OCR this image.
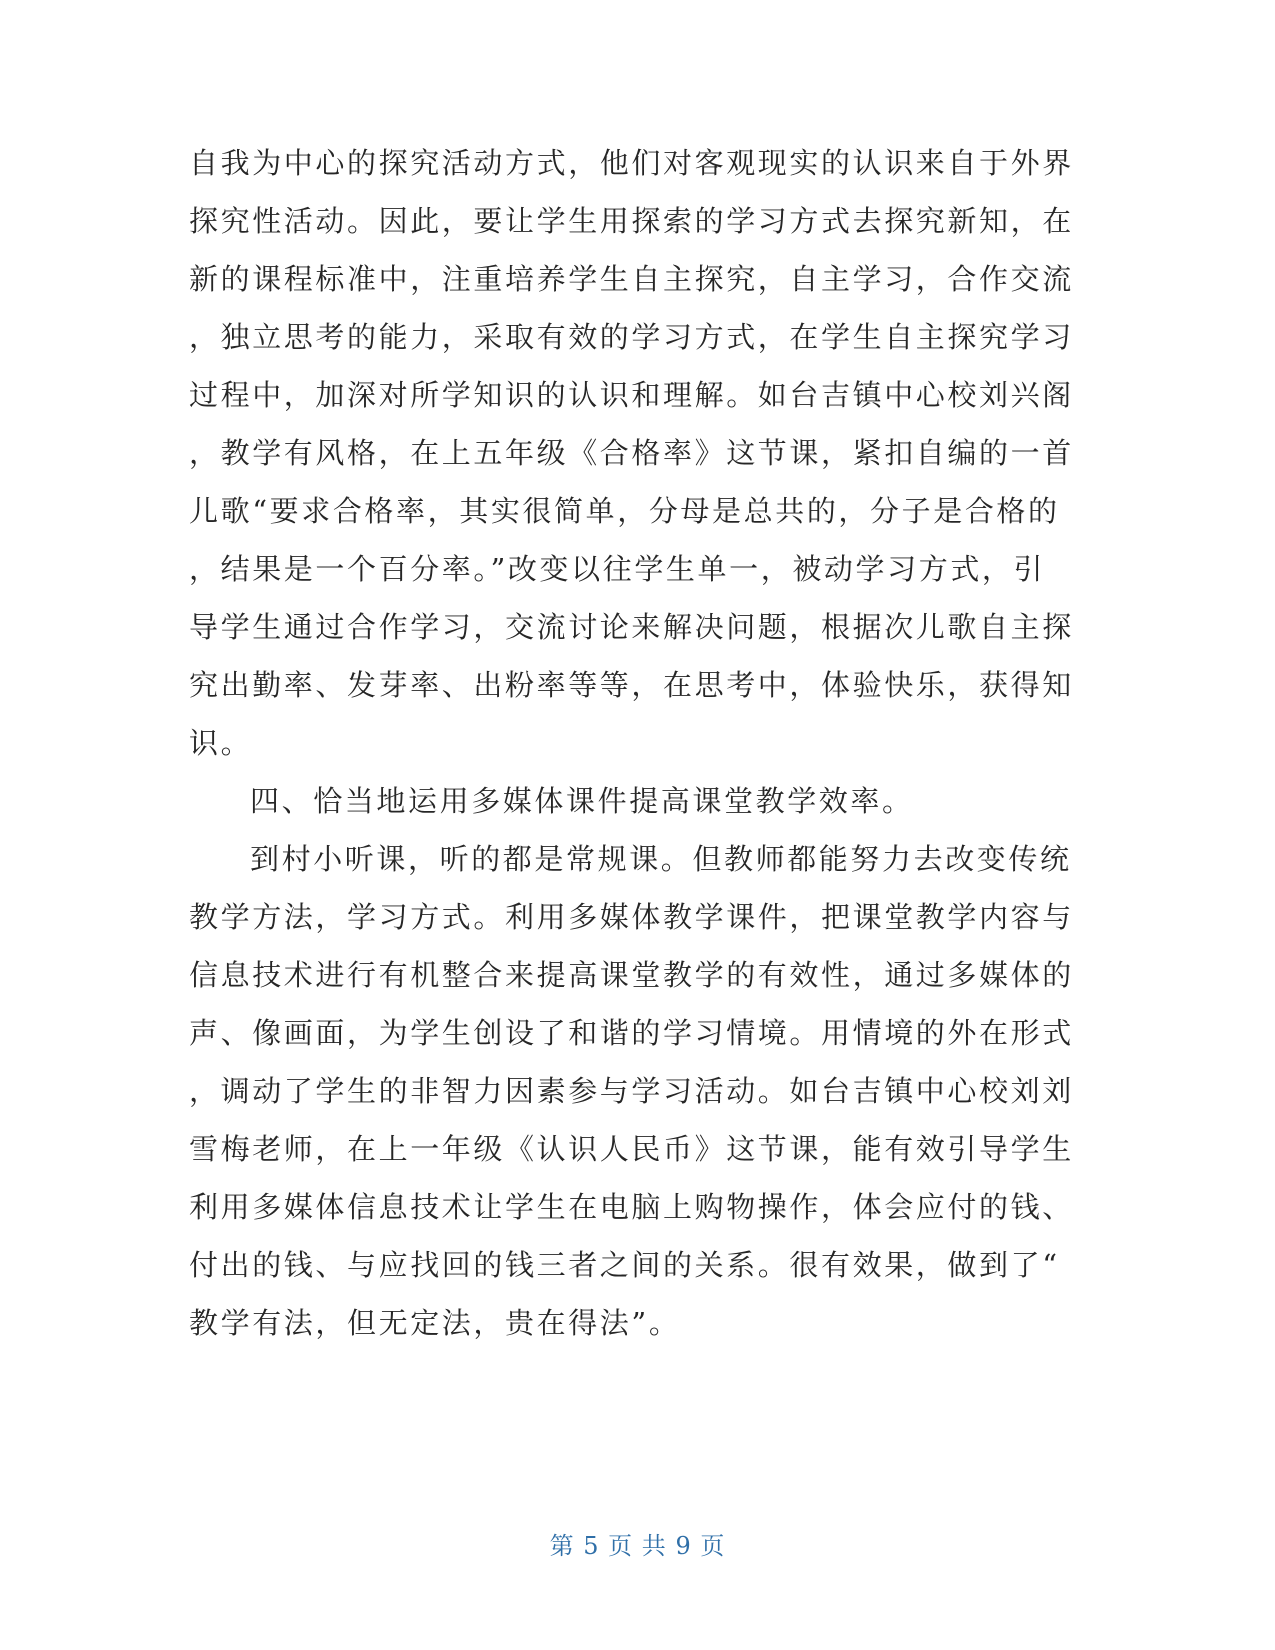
自我为中心的探究活动方式，他们对客观现实的认识来自于外界
探究性活动。因此，要让学生用探索的学习方式去探究新知，在
新的课程标准中，注重培养学生自主探究，自主学习，合作交流
，独立思考的能力，采取有效的学习方式，在学生自主探究学习
过程中，加深对所学知识的认识和理解。如台吉镇中心校刘兴阁
，教学有风格，在上五年级《合格率》这节课，紧扣自编的一首
儿歌“要求合格率，其实很简单，分母是总共的，分子是合格的
，结果是一个百分率。”改变以往学生单一，被动学习方式，引
导学生通过合作学习，交流讨论来解决问题，根据次儿歌自主探
究出勤率、发芽率、出粉率等等，在思考中，体验快乐，获得知
识。
四、恰当地运用多媒体课件提高课堂教学效率。
到村小听课，听的都是常规课。但教师都能努力去改变传统
教学方法，学习方式。利用多媒体教学课件，把课堂教学内容与
信息技术进行有机整合来提高课堂教学的有效性，通过多媒体的
声、像画面，为学生创设了和谐的学习情境。用情境的外在形式
，调动了学生的非智力因素参与学习活动。如台吉镇中心校刘刘
雪梅老师，在上一年级《认识人民币》这节课，能有效引导学生
利用多媒体信息技术让学生在电脑上购物操作，体会应付的钱、
付出的钱、与应找回的钱三者之间的关系。很有效果，做到了“
教学有法，但无定法，贵在得法”。
第 5 页 共 9 页
